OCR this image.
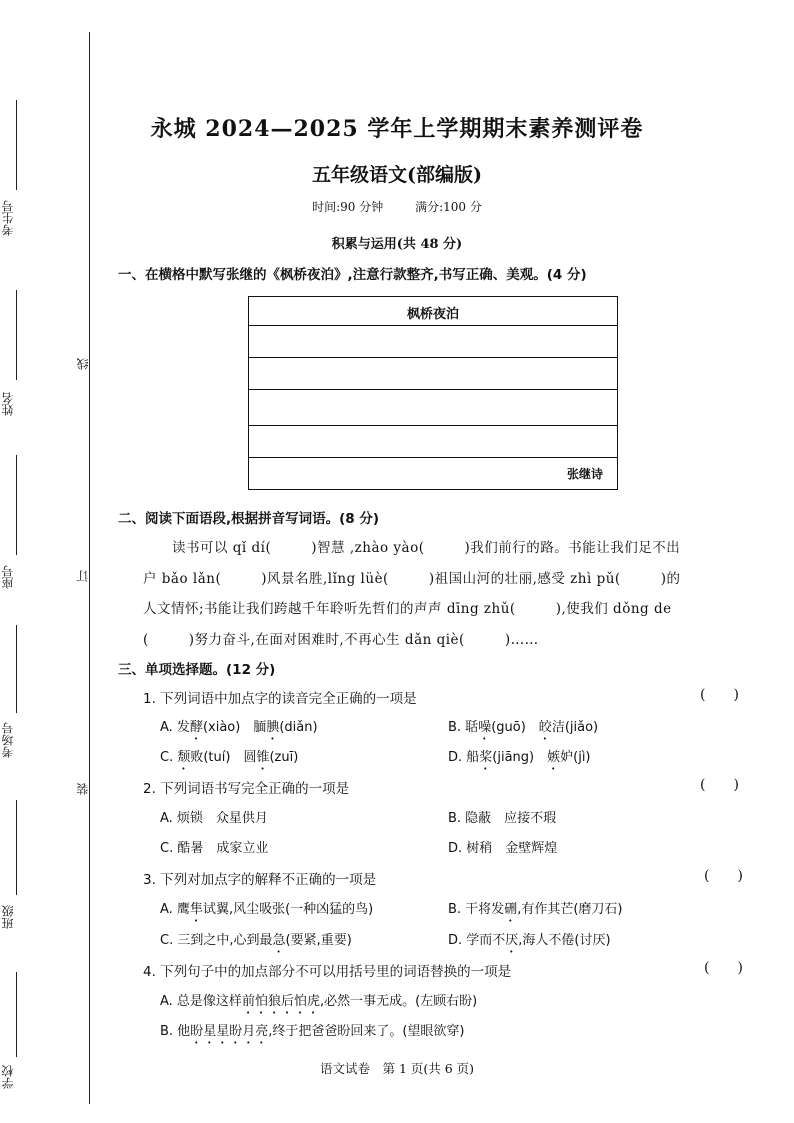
考生号
姓名
座号
考场号
班级
学校
线
订
装
永城 2024—2025 学年上学期期末素养测评卷
五年级语文(部编版)
时间:90 分钟	满分:100 分
积累与运用(共 48 分)
一、在横格中默写张继的《枫桥夜泊》,注意行款整齐,书写正确、美观。(4 分)
枫桥夜泊
张继诗
二、阅读下面语段,根据拼音写词语。(8 分)
读书可以 qǐ dí(	)智慧 ,zhào yào(	)我们前行的路。书能让我们足不出
户 bǎo lǎn(	)风景名胜,lǐng lüè(	)祖国山河的壮丽,感受 zhì pǔ(	)的
人文情怀;书能让我们跨越千年聆听先哲们的声声 dīng zhǔ(	),使我们 dǒng de
(	)努力奋斗,在面对困难时,不再心生 dǎn qiè(	)……
三、单项选择题。(12 分)
1. 下列词语中加点字的读音完全正确的一项是	(　　)
A. 发酵(xiào)　腼腆(diǎn)	B. 聒噪(guō)　皎洁(jiǎo)
C. 颓败(tuí)　圆锥(zuī)	D. 船桨(jiāng)　嫉妒(jì)
2. 下列词语书写完全正确的一项是	(　　)
A. 烦锁　众星供月	B. 隐蔽　应接不瑕
C. 酷暑　成家立业	D. 树稍　金壁辉煌
3. 下列对加点字的解释不正确的一项是	(　　)
A. 鹰隼试翼,风尘吸张(一种凶猛的鸟)	B. 干将发硎,有作其芒(磨刀石)
C. 三到之中,心到最急(要紧,重要)	D. 学而不厌,海人不倦(讨厌)
4. 下列句子中的加点部分不可以用括号里的词语替换的一项是	(　　)
A. 总是像这样前怕狼后怕虎,必然一事无成。(左顾右盼)
B. 他盼星星盼月亮,终于把爸爸盼回来了。(望眼欲穿)
语文试卷　第 1 页(共 6 页)
